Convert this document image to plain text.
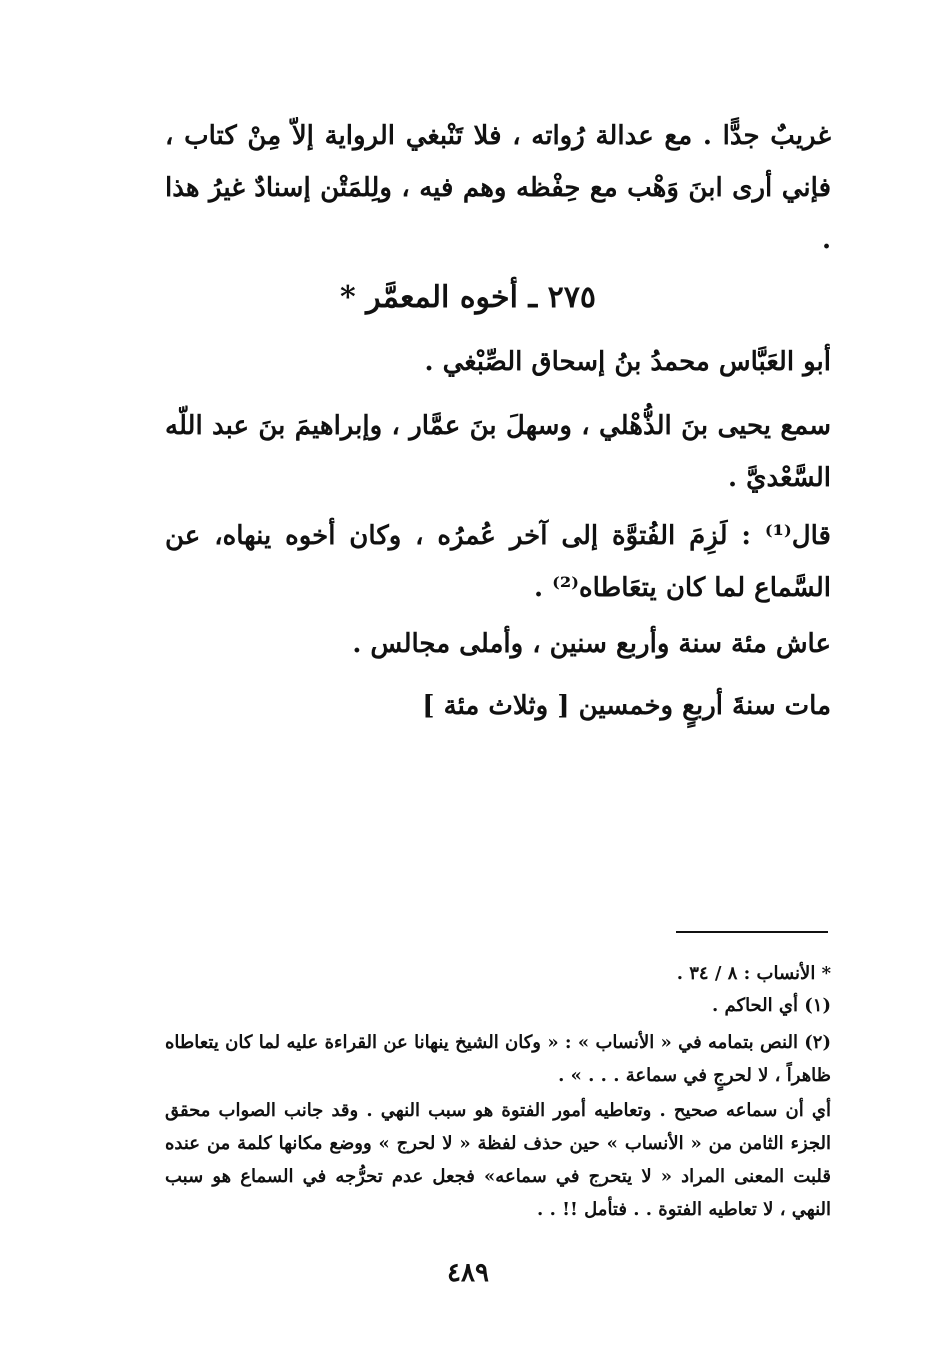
غريبٌ جدًّا . مع عدالة رُواته ، فلا تَنْبغي الرواية إلاّ مِنْ كتاب ، فإني أرى ابنَ وَهْب مع حِفْظه وهم فيه ، ولِلمَتْن إسنادٌ غيرُ هذا .
٢٧٥ ـ أخوه المعمَّر *
أبو العَبَّاس محمدُ بنُ إسحاق الصِّبْغي .
سمع يحيى بنَ الذُّهْلي ، وسهلَ بنَ عمَّار ، وإبراهيمَ بنَ عبد اللّه السَّعْديَّ .
قال⁽¹⁾ : لَزِمَ الفُتوَّة إلى آخر عُمرُه ، وكان أخوه ينهاه، عن السَّماع لما كان يتعَاطاه⁽²⁾ .
عاش مئة سنة وأربع سنين ، وأملى مجالس .
مات سنةَ أربعٍ وخمسين [ وثلاث مئة ]
* الأنساب : ٨ / ٣٤ .
(١) أي الحاكم .
(٢) النص بتمامه في « الأنساب » : « وكان الشيخ ينهانا عن القراءة عليه لما كان يتعاطاه ظاهراً ، لا لحرجٍ في سماعة . . . » .
أي أن سماعه صحيح . وتعاطيه أمور الفتوة هو سبب النهي . وقد جانب الصواب محقق الجزء الثامن من « الأنساب » حين حذف لفظة « لا لحرج » ووضع مكانها كلمة من عنده قلبت المعنى المراد « لا يتحرج في سماعه» فجعل عدم تحرُّجه في السماع هو سبب النهي ، لا تعاطيه الفتوة . . فتأمل !! . .
٤٨٩
